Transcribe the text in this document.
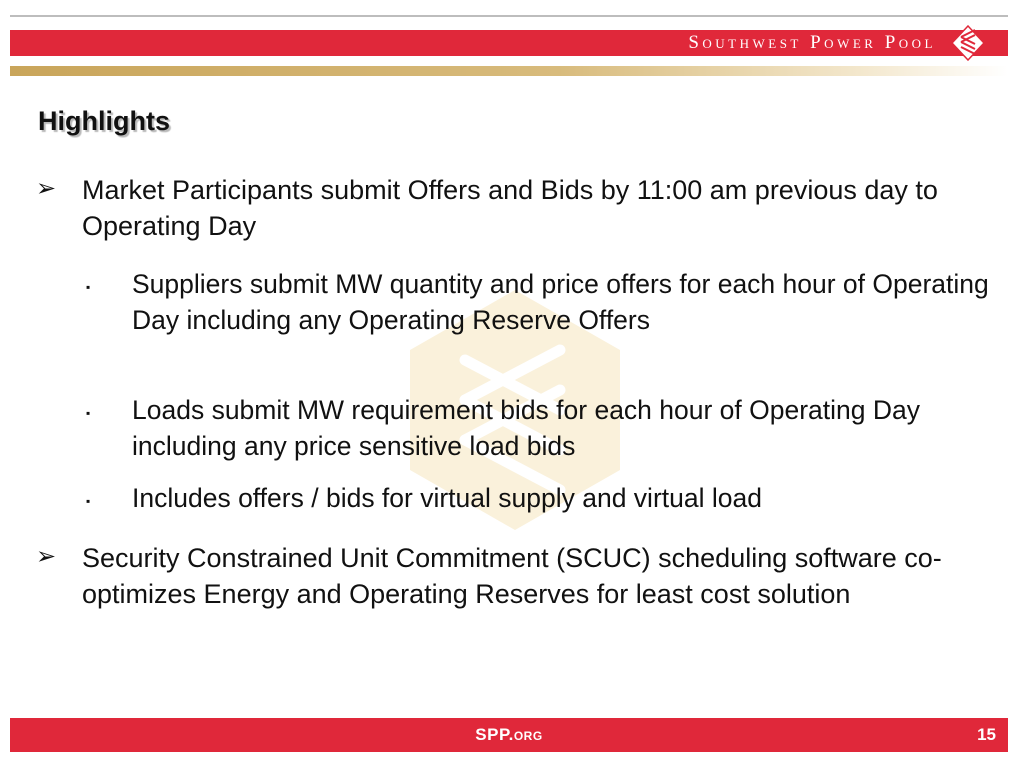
Southwest Power Pool
Highlights
➢ Market Participants submit Offers and Bids by 11:00 am previous day to Operating Day
▪ Suppliers submit MW quantity and price offers for each hour of Operating Day including any Operating Reserve Offers
▪ Loads submit MW requirement bids for each hour of Operating Day including any price sensitive load bids
▪ Includes offers / bids for virtual supply and virtual load
➢ Security Constrained Unit Commitment (SCUC) scheduling software co-optimizes Energy and Operating Reserves for least cost solution
SPP.org	15
